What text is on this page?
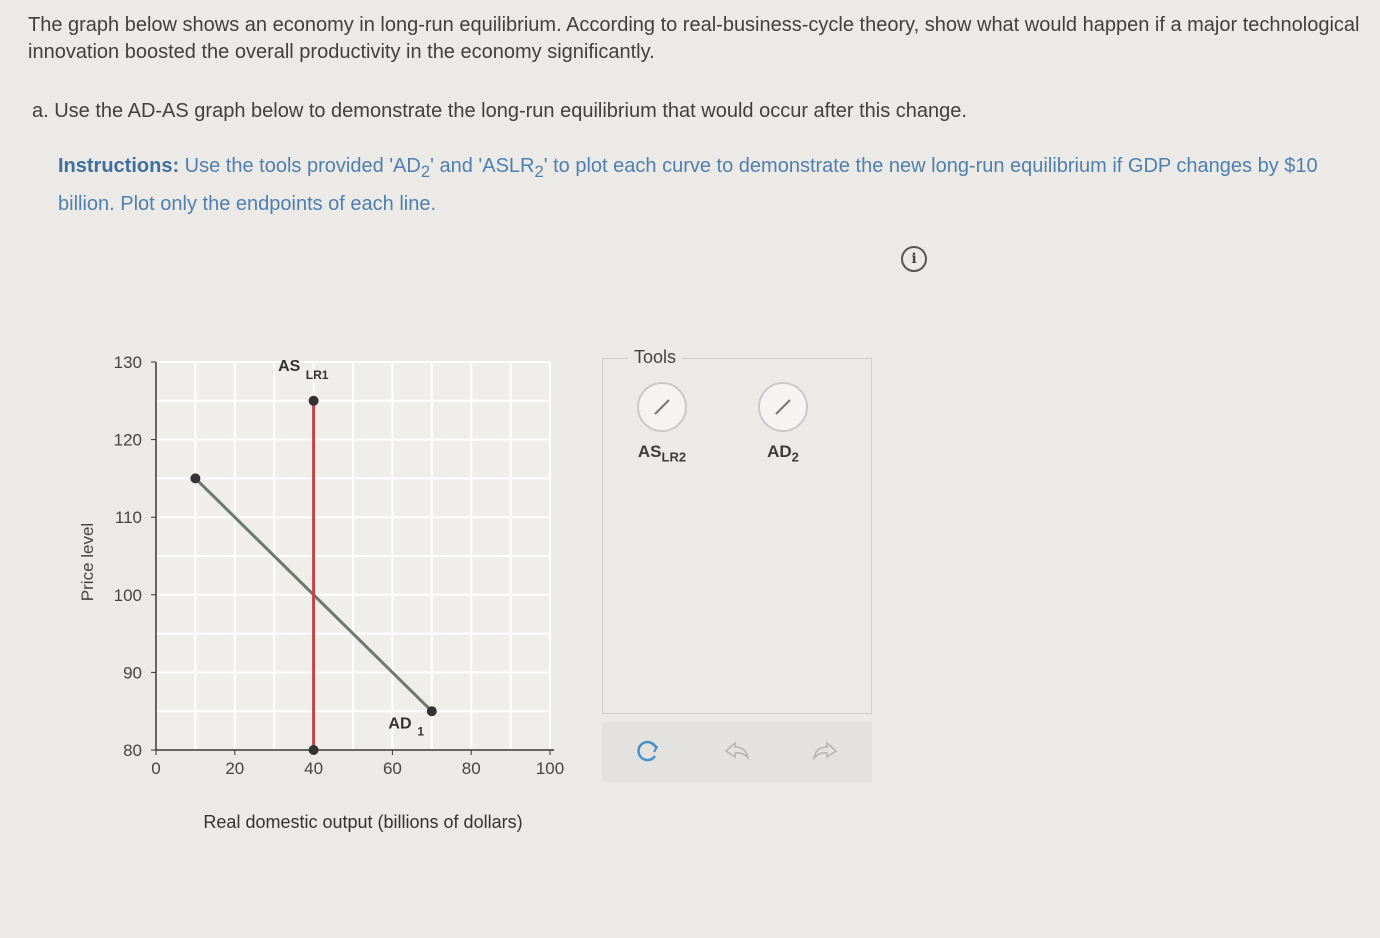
The graph below shows an economy in long-run equilibrium. According to real-business-cycle theory, show what would happen if a major technological innovation boosted the overall productivity in the economy significantly.
a. Use the AD-AS graph below to demonstrate the long-run equilibrium that would occur after this change.
Instructions: Use the tools provided '$AD_2$' and '$ASLR_2$' to plot each curve to demonstrate the new long-run equilibrium if GDP changes by $10 billion. Plot only the endpoints of each line.
i
0	20	40	60	80	100
80
90
100
110
120
130
Price level
Real domestic output (billions of dollars)
AD 1
AS LR1
Tools
$AS_{LR2}$	$AD_2$
